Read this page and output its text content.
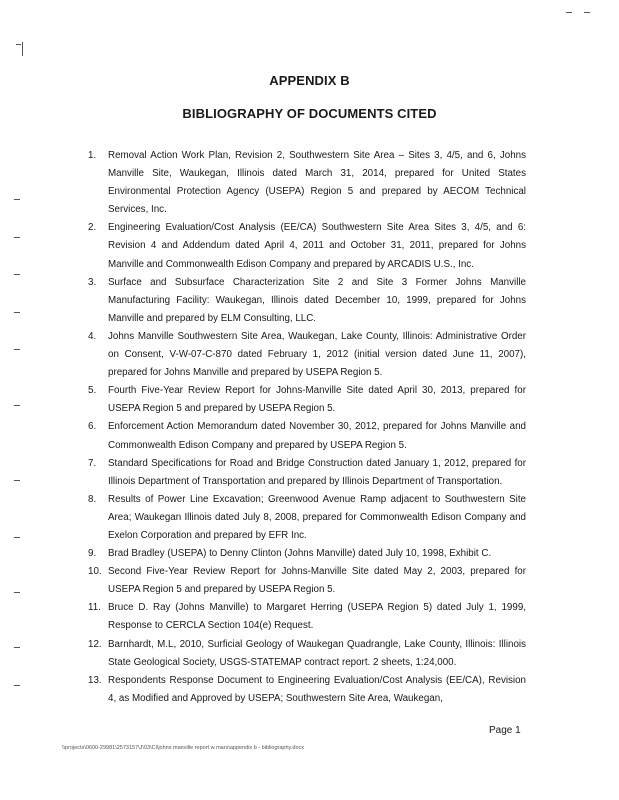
APPENDIX B
BIBLIOGRAPHY OF DOCUMENTS CITED
1.	Removal Action Work Plan, Revision 2, Southwestern Site Area – Sites 3, 4/5, and 6, Johns Manville Site, Waukegan, Illinois dated March 31, 2014, prepared for United States Environmental Protection Agency (USEPA) Region 5 and prepared by AECOM Technical Services, Inc.
2.	Engineering Evaluation/Cost Analysis (EE/CA) Southwestern Site Area Sites 3, 4/5, and 6: Revision 4 and Addendum dated April 4, 2011 and October 31, 2011, prepared for Johns Manville and Commonwealth Edison Company and prepared by ARCADIS U.S., Inc.
3.	Surface and Subsurface Characterization Site 2 and Site 3 Former Johns Manville Manufacturing Facility: Waukegan, Illinois dated December 10, 1999, prepared for Johns Manville and prepared by ELM Consulting, LLC.
4.	Johns Manville Southwestern Site Area, Waukegan, Lake County, Illinois: Administrative Order on Consent, V-W-07-C-870 dated February 1, 2012 (initial version dated June 11, 2007), prepared for Johns Manville and prepared by USEPA Region 5.
5.	Fourth Five-Year Review Report for Johns-Manville Site dated April 30, 2013, prepared for USEPA Region 5 and prepared by USEPA Region 5.
6.	Enforcement Action Memorandum dated November 30, 2012, prepared for Johns Manville and Commonwealth Edison Company and prepared by USEPA Region 5.
7.	Standard Specifications for Road and Bridge Construction dated January 1, 2012, prepared for Illinois Department of Transportation and prepared by Illinois Department of Transportation.
8.	Results of Power Line Excavation; Greenwood Avenue Ramp adjacent to Southwestern Site Area; Waukegan Illinois dated July 8, 2008, prepared for Commonwealth Edison Company and Exelon Corporation and prepared by EFR Inc.
9.	Brad Bradley (USEPA) to Denny Clinton (Johns Manville) dated July 10, 1998, Exhibit C.
10. Second Five-Year Review Report for Johns-Manville Site dated May 2, 2003, prepared for USEPA Region 5 and prepared by USEPA Region 5.
11. Bruce D. Ray (Johns Manville) to Margaret Herring (USEPA Region 5) dated July 1, 1999, Response to CERCLA Section 104(e) Request.
12. Barnhardt, M.L, 2010, Surficial Geology of Waukegan Quadrangle, Lake County, Illinois: Illinois State Geological Society, USGS-STATEMAP contract report. 2 sheets, 1:24,000.
13. Respondents Response Document to Engineering Evaluation/Cost Analysis (EE/CA), Revision 4, as Modified and Approved by USEPA; Southwestern Site Area, Waukegan,
Page 1
\\projects\0600-29981\2573157\J\03\Cl\johns manville report w mars\appendix b - bibliography.docx
